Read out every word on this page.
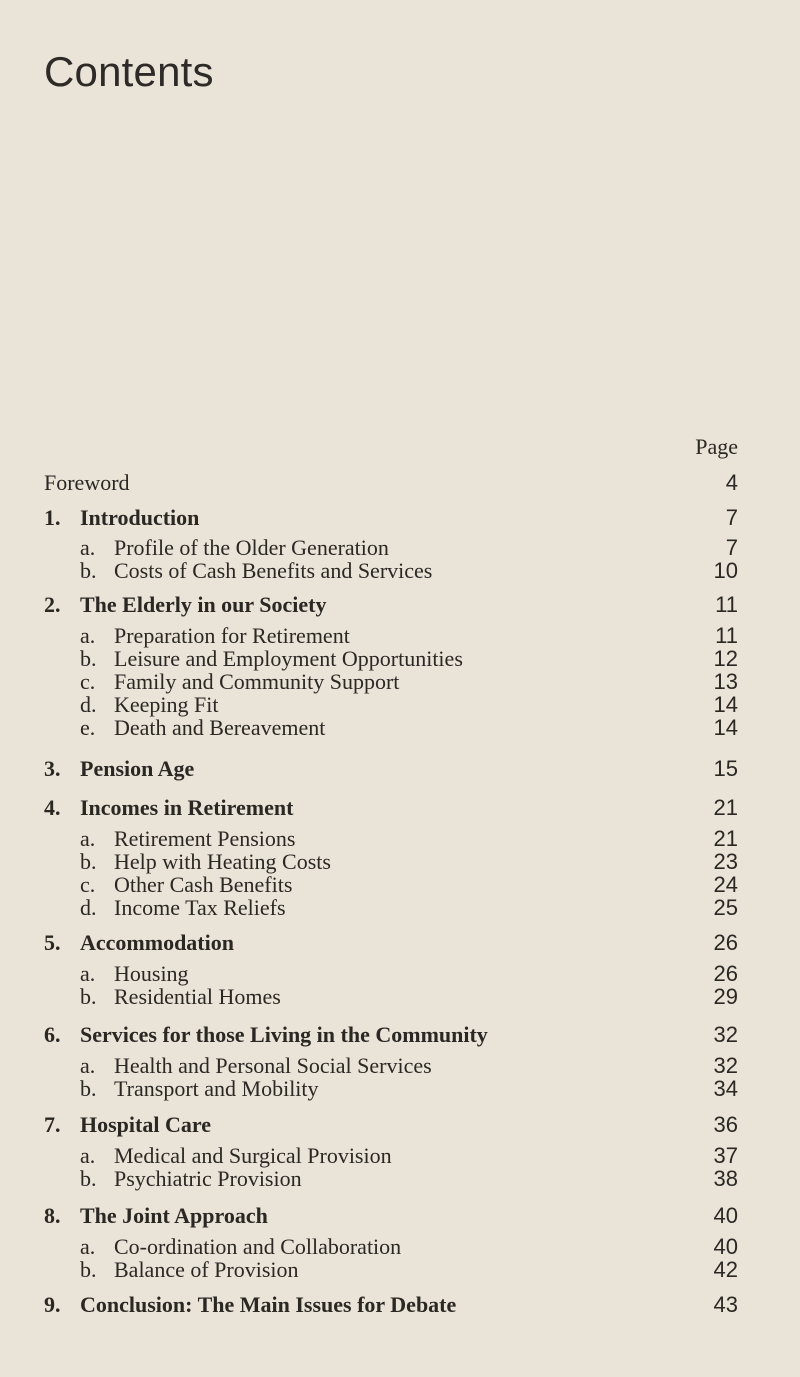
Contents
Page
Foreword	4
1. Introduction	7
a. Profile of the Older Generation	7
b. Costs of Cash Benefits and Services	10
2. The Elderly in our Society	11
a. Preparation for Retirement	11
b. Leisure and Employment Opportunities	12
c. Family and Community Support	13
d. Keeping Fit	14
e. Death and Bereavement	14
3. Pension Age	15
4. Incomes in Retirement	21
a. Retirement Pensions	21
b. Help with Heating Costs	23
c. Other Cash Benefits	24
d. Income Tax Reliefs	25
5. Accommodation	26
a. Housing	26
b. Residential Homes	29
6. Services for those Living in the Community	32
a. Health and Personal Social Services	32
b. Transport and Mobility	34
7. Hospital Care	36
a. Medical and Surgical Provision	37
b. Psychiatric Provision	38
8. The Joint Approach	40
a. Co-ordination and Collaboration	40
b. Balance of Provision	42
9. Conclusion: The Main Issues for Debate	43
